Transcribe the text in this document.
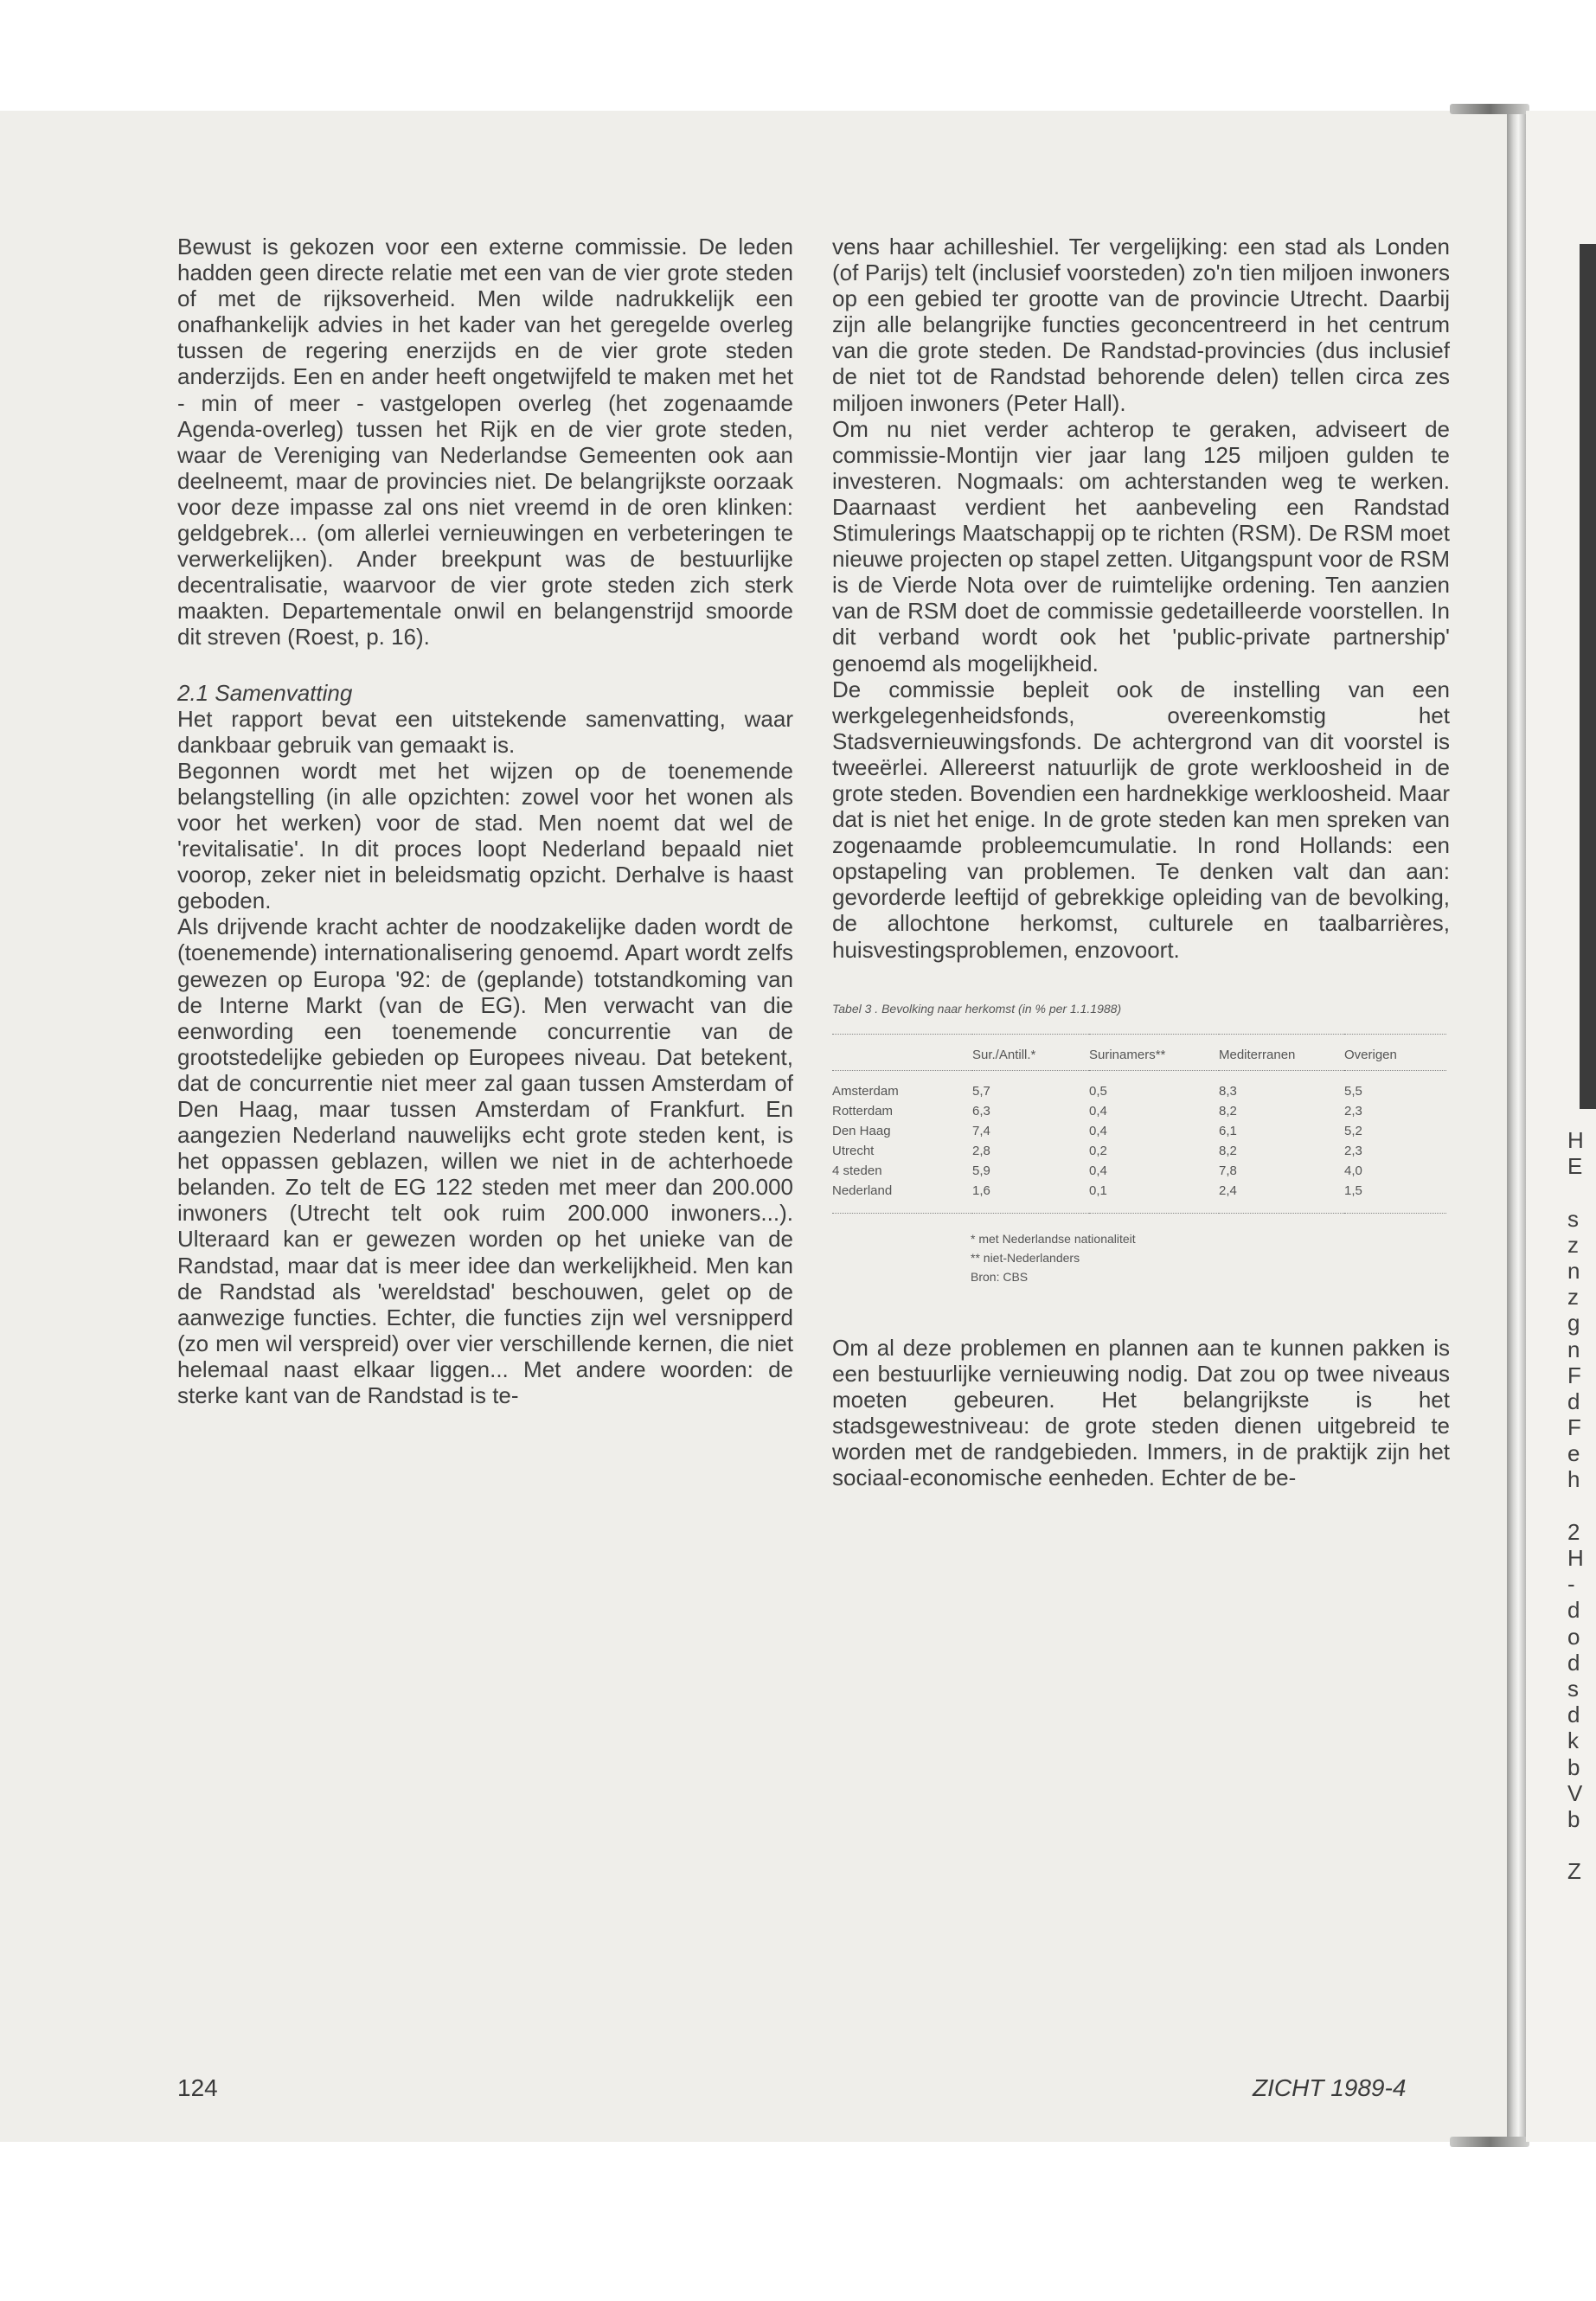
Bewust is gekozen voor een externe commissie. De leden hadden geen directe relatie met een van de vier grote steden of met de rijksoverheid. Men wilde nadrukkelijk een onafhankelijk advies in het kader van het geregelde overleg tussen de regering enerzijds en de vier grote steden anderzijds. Een en ander heeft ongetwijfeld te maken met het - min of meer - vastgelopen overleg (het zogenaamde Agenda-overleg) tussen het Rijk en de vier grote steden, waar de Vereniging van Nederlandse Gemeenten ook aan deelneemt, maar de provincies niet. De belangrijkste oorzaak voor deze impasse zal ons niet vreemd in de oren klinken: geldgebrek... (om allerlei vernieuwingen en verbeteringen te verwerkelijken). Ander breekpunt was de bestuurlijke decentralisatie, waarvoor de vier grote steden zich sterk maakten. Departementale onwil en belangenstrijd smoorde dit streven (Roest, p. 16).

2.1 Samenvatting

Het rapport bevat een uitstekende samenvatting, waar dankbaar gebruik van gemaakt is.

Begonnen wordt met het wijzen op de toenemende belangstelling (in alle opzichten: zowel voor het wonen als voor het werken) voor de stad. Men noemt dat wel de 'revitalisatie'. In dit proces loopt Nederland bepaald niet voorop, zeker niet in beleidsmatig opzicht. Derhalve is haast geboden.

Als drijvende kracht achter de noodzakelijke daden wordt de (toenemende) internationalisering genoemd. Apart wordt zelfs gewezen op Europa '92: de (geplande) totstandkoming van de Interne Markt (van de EG). Men verwacht van die eenwording een toenemende concurrentie van de grootstedelijke gebieden op Europees niveau. Dat betekent, dat de concurrentie niet meer zal gaan tussen Amsterdam of Den Haag, maar tussen Amsterdam of Frankfurt. En aangezien Nederland nauwelijks echt grote steden kent, is het oppassen geblazen, willen we niet in de achterhoede belanden. Zo telt de EG 122 steden met meer dan 200.000 inwoners (Utrecht telt ook ruim 200.000 inwoners...). Ulteraard kan er gewezen worden op het unieke van de Randstad, maar dat is meer idee dan werkelijkheid. Men kan de Randstad als 'wereldstad' beschouwen, gelet op de aanwezige functies. Echter, die functies zijn wel versnipperd (zo men wil verspreid) over vier verschillende kernen, die niet helemaal naast elkaar liggen... Met andere woorden: de sterke kant van de Randstad is te-

vens haar achilleshiel. Ter vergelijking: een stad als Londen (of Parijs) telt (inclusief voorsteden) zo'n tien miljoen inwoners op een gebied ter grootte van de provincie Utrecht. Daarbij zijn alle belangrijke functies geconcentreerd in het centrum van die grote steden. De Randstad-provincies (dus inclusief de niet tot de Randstad behorende delen) tellen circa zes miljoen inwoners (Peter Hall).

Om nu niet verder achterop te geraken, adviseert de commissie-Montijn vier jaar lang 125 miljoen gulden te investeren. Nogmaals: om achterstanden weg te werken. Daarnaast verdient het aanbeveling een Randstad Stimulerings Maatschappij op te richten (RSM). De RSM moet nieuwe projecten op stapel zetten. Uitgangspunt voor de RSM is de Vierde Nota over de ruimtelijke ordening. Ten aanzien van de RSM doet de commissie gedetailleerde voorstellen. In dit verband wordt ook het 'public-private partnership' genoemd als mogelijkheid.

De commissie bepleit ook de instelling van een werkgelegenheidsfonds, overeenkomstig het Stadsvernieuwingsfonds. De achtergrond van dit voorstel is tweeërlei. Allereerst natuurlijk de grote werkloosheid in de grote steden. Bovendien een hardnekkige werkloosheid. Maar dat is niet het enige. In de grote steden kan men spreken van zogenaamde probleemcumulatie. In rond Hollands: een opstapeling van problemen. Te denken valt dan aan: gevorderde leeftijd of gebrekkige opleiding van de bevolking, de allochtone herkomst, culturele en taalbarrières, huisvestingsproblemen, enzovoort.

Tabel 3 . Bevolking naar herkomst (in % per 1.1.1988)
	Sur./Antill.*	Surinamers**	Mediterranen	Overigen
Amsterdam	5,7	0,5	8,3	5,5
Rotterdam	6,3	0,4	8,2	2,3
Den Haag	7,4	0,4	6,1	5,2
Utrecht	2,8	0,2	8,2	2,3
4 steden	5,9	0,4	7,8	4,0
Nederland	1,6	0,1	2,4	1,5
* met Nederlandse nationaliteit
** niet-Nederlanders
Bron: CBS

Om al deze problemen en plannen aan te kunnen pakken is een bestuurlijke vernieuwing nodig. Dat zou op twee niveaus moeten gebeuren. Het belangrijkste is het stadsgewestniveau: de grote steden dienen uitgebreid te worden met de randgebieden. Immers, in de praktijk zijn het sociaal-economische eenheden. Echter de be-

124	ZICHT 1989-4
H
E
s
z
n
z
g
n
F
d
F
e
h
2
H
-
d
o
d
s
d
k
b
V
b
Z
